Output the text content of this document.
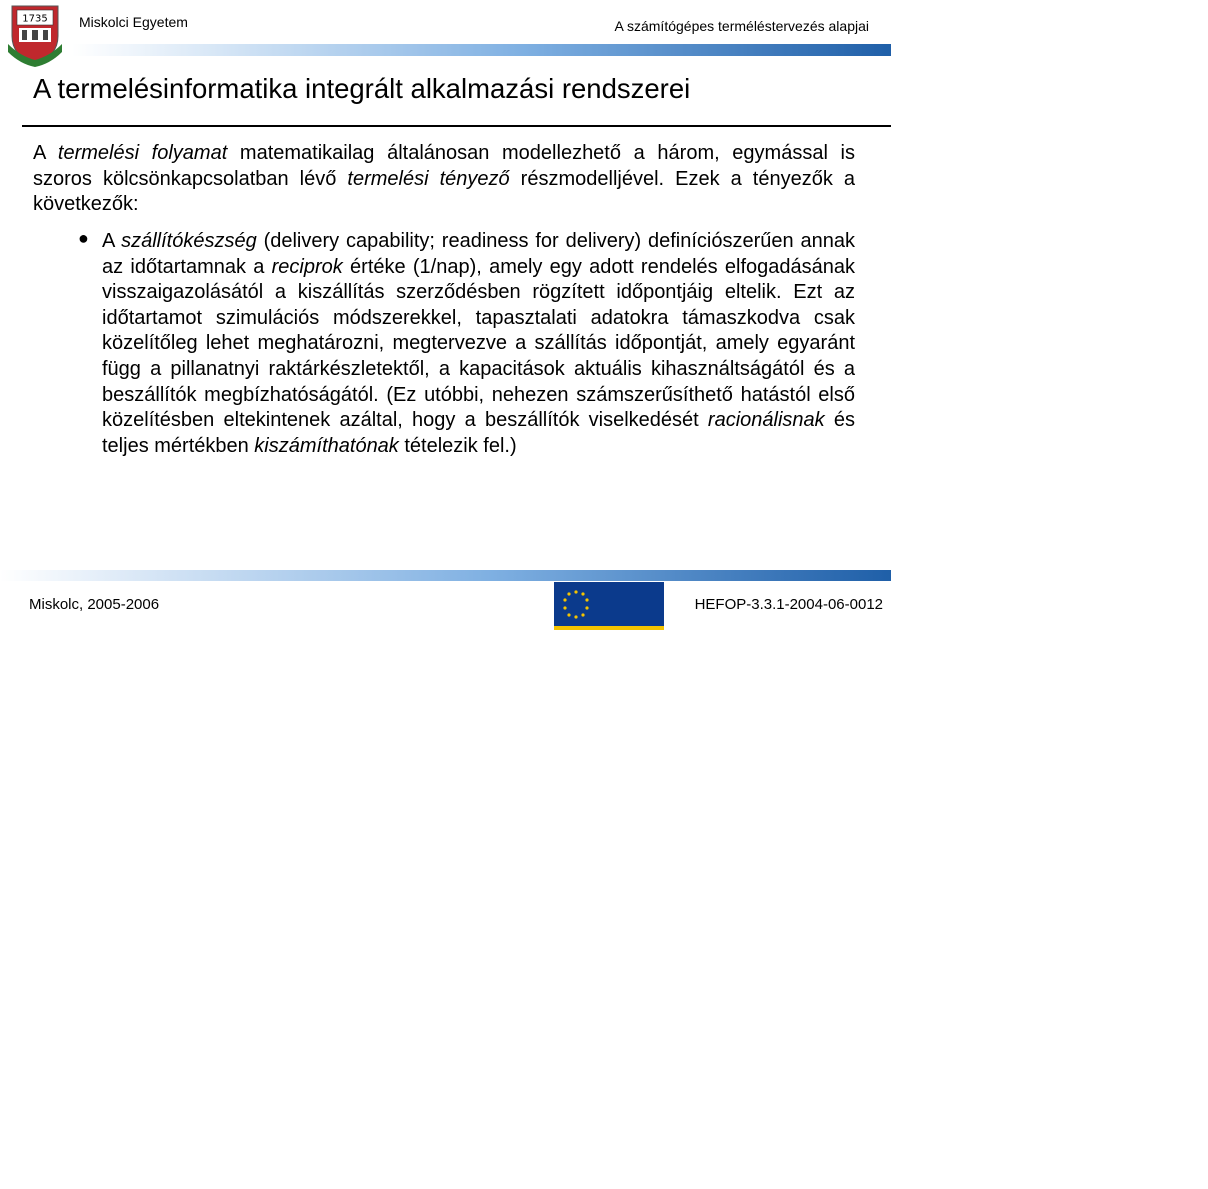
1735 Miskolci Egyetem	A számítógépes terméléstervezés alapjai
A termelésinformatika integrált alkalmazási rendszerei
A termelési folyamat matematikailag általánosan modellezhető a három, egymással is szoros kölcsönkapcsolatban lévő termelési tényező részmodelljével. Ezek a tényezők a következők:
● A szállítókészség (delivery capability; readiness for delivery) definíciószerűen annak az időtartamnak a reciprok értéke (1/nap), amely egy adott rendelés elfogadásának visszaigazolásától a kiszállítás szerződésben rögzített időpontjáig eltelik. Ezt az időtartamot szimulációs módszerekkel, tapasztalati adatokra támaszkodva csak közelítőleg lehet meghatározni, megtervezve a szállítás időpontját, amely egyaránt függ a pillanatnyi raktárkészletektől, a kapacitások aktuális kihasználtságától és a beszállítók megbízhatóságától. (Ez utóbbi, nehezen számszerűsíthető hatástól első közelítésben eltekintenek azáltal, hogy a beszállítók viselkedését racionálisnak és teljes mértékben kiszámíthatónak tételezik fel.)
Miskolc, 2005-2006
EURÓPA TERV
HEFOP-3.3.1-2004-06-0012
